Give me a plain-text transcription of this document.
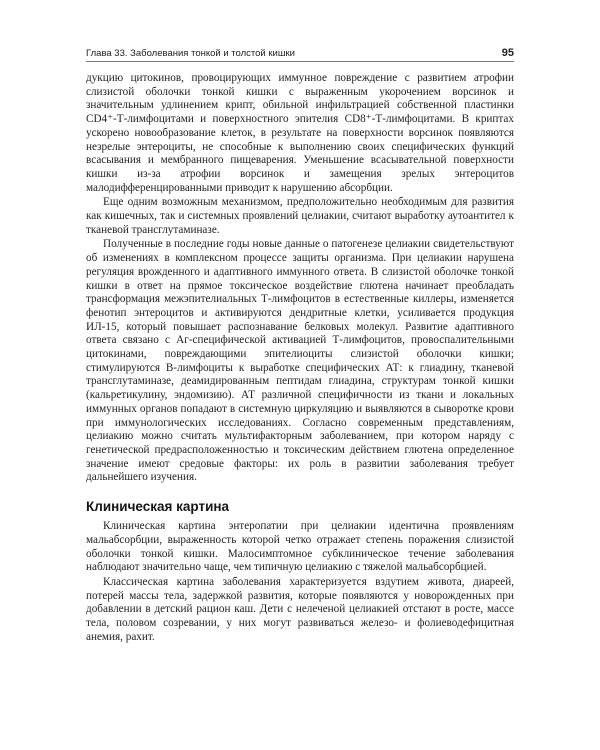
Глава 33. Заболевания тонкой и толстой кишки	95

дукцию цитокинов, провоцирующих иммунное повреждение с развитием атрофии слизистой оболочки тонкой кишки с выраженным укорочением ворсинок и значительным удлинением крипт, обильной инфильтрацией собственной пластинки CD4⁺-Т-лимфоцитами и поверхностного эпителия CD8⁺-Т-лимфоцитами. В криптах ускорено новообразование клеток, в результате на поверхности ворсинок появляются незрелые энтероциты, не способные к выполнению своих специфических функций всасывания и мембранного пищеварения. Уменьшение всасывательной поверхности кишки из-за атрофии ворсинок и замещения зрелых энтероцитов малодифференцированными приводит к нарушению абсорбции.

Еще одним возможным механизмом, предположительно необходимым для развития как кишечных, так и системных проявлений целиакии, считают выработку аутоантител к тканевой трансглутаминазе.

Полученные в последние годы новые данные о патогенезе целиакии свидетельствуют об изменениях в комплексном процессе защиты организма. При целиакии нарушена регуляция врожденного и адаптивного иммунного ответа. В слизистой оболочке тонкой кишки в ответ на прямое токсическое воздействие глютена начинает преобладать трансформация межэпителиальных Т-лимфоцитов в естественные киллеры, изменяется фенотип энтероцитов и активируются дендритные клетки, усиливается продукция ИЛ-15, который повышает распознавание белковых молекул. Развитие адаптивного ответа связано с Аг-специфической активацией Т-лимфоцитов, провоспалительными цитокинами, повреждающими эпителиоциты слизистой оболочки кишки; стимулируются В-лимфоциты к выработке специфических АТ: к глиадину, тканевой трансглутаминазе, деамидированным пептидам глиадина, структурам тонкой кишки (кальретикулину, эндомизию). АТ различной специфичности из ткани и локальных иммунных органов попадают в системную циркуляцию и выявляются в сыворотке крови при иммунологических исследованиях. Согласно современным представлениям, целиакию можно считать мультифакторным заболеванием, при котором наряду с генетической предрасположенностью и токсическим действием глютена определенное значение имеют средовые факторы: их роль в развитии заболевания требует дальнейшего изучения.

Клиническая картина

Клиническая картина энтеропатии при целиакии идентична проявлениям мальабсорбции, выраженность которой четко отражает степень поражения слизистой оболочки тонкой кишки. Малосимптомное субклиническое течение заболевания наблюдают значительно чаще, чем типичную целиакию с тяжелой мальабсорбцией.

Классическая картина заболевания характеризуется вздутием живота, диареей, потерей массы тела, задержкой развития, которые появляются у новорожденных при добавлении в детский рацион каш. Дети с нелеченой целиакией отстают в росте, массе тела, половом созревании, у них могут развиваться железо- и фолиеводефицитная анемия, рахит.
